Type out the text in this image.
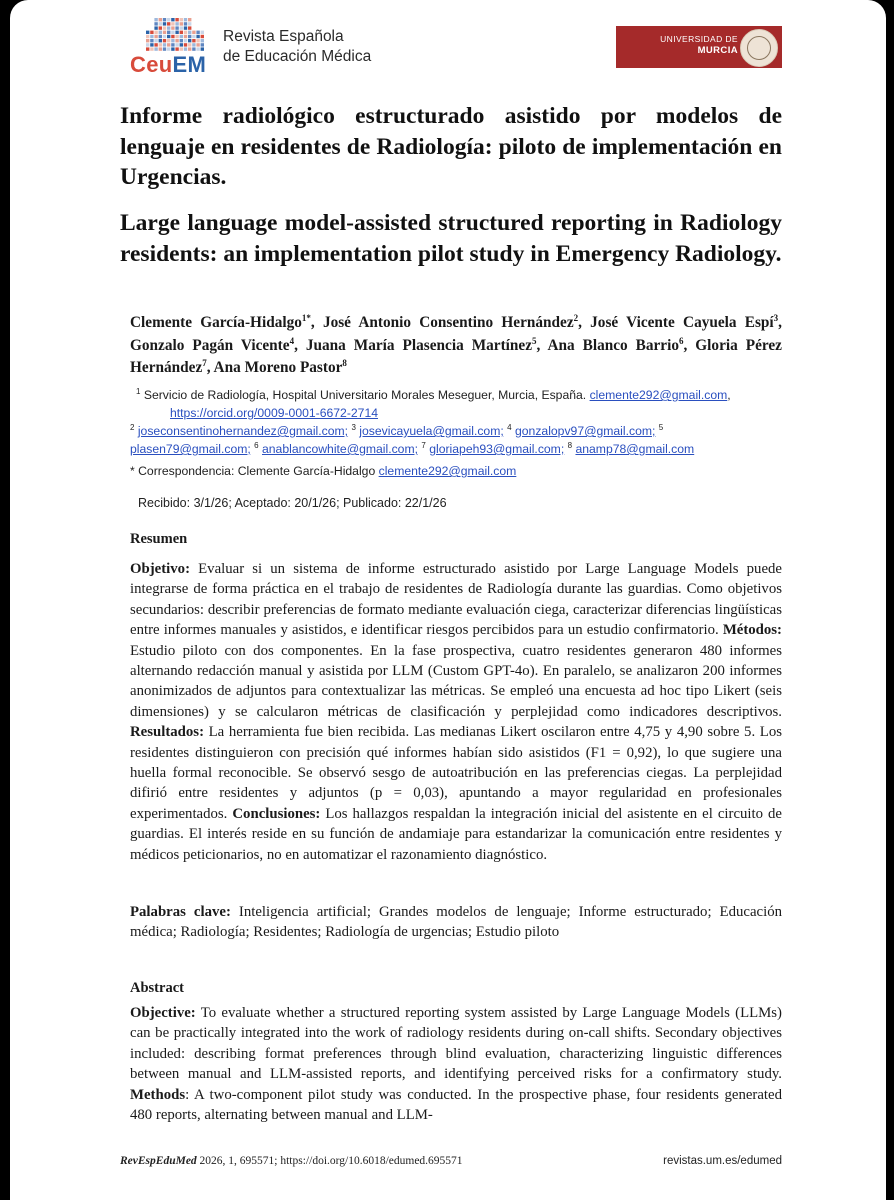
CeuEM
Revista Española
de Educación Médica
UNIVERSIDAD DE
MURCIA
Informe radiológico estructurado asistido por modelos de lenguaje en residentes de Radiología: piloto de implementación en Urgencias.
Large language model-assisted structured reporting in Radiology residents: an implementation pilot study in Emergency Radiology.
Clemente García-Hidalgo$^{1*}$, José Antonio Consentino Hernández$^2$, José Vicente Cayuela Espí$^3$, Gonzalo Pagán Vicente$^4$, Juana María Plasencia Martínez$^5$, Ana Blanco Barrio$^6$, Gloria Pérez Hernández$^7$, Ana Moreno Pastor$^8$
$^1$ Servicio de Radiología, Hospital Universitario Morales Meseguer, Murcia, España. clemente292@gmail.com,
https://orcid.org/0009-0001-6672-2714
$^2$ joseconsentinohernandez@gmail.com; $^3$ josevicayuela@gmail.com; $^4$ gonzalopv97@gmail.com; $^5$ plasen79@gmail.com; $^6$ anablancowhite@gmail.com; $^7$ gloriapeh93@gmail.com; $^8$ anamp78@gmail.com
* Correspondencia: Clemente García-Hidalgo clemente292@gmail.com
Recibido: 3/1/26; Aceptado: 20/1/26; Publicado: 22/1/26
Resumen
Objetivo: Evaluar si un sistema de informe estructurado asistido por Large Language Models puede integrarse de forma práctica en el trabajo de residentes de Radiología durante las guardias. Como objetivos secundarios: describir preferencias de formato mediante evaluación ciega, caracterizar diferencias lingüísticas entre informes manuales y asistidos, e identificar riesgos percibidos para un estudio confirmatorio. Métodos: Estudio piloto con dos componentes. En la fase prospectiva, cuatro residentes generaron 480 informes alternando redacción manual y asistida por LLM (Custom GPT-4o). En paralelo, se analizaron 200 informes anonimizados de adjuntos para contextualizar las métricas. Se empleó una encuesta ad hoc tipo Likert (seis dimensiones) y se calcularon métricas de clasificación y perplejidad como indicadores descriptivos. Resultados: La herramienta fue bien recibida. Las medianas Likert oscilaron entre 4,75 y 4,90 sobre 5. Los residentes distinguieron con precisión qué informes habían sido asistidos (F1 = 0,92), lo que sugiere una huella formal reconocible. Se observó sesgo de autoatribución en las preferencias ciegas. La perplejidad difirió entre residentes y adjuntos (p = 0,03), apuntando a mayor regularidad en profesionales experimentados. Conclusiones: Los hallazgos respaldan la integración inicial del asistente en el circuito de guardias. El interés reside en su función de andamiaje para estandarizar la comunicación entre residentes y médicos peticionarios, no en automatizar el razonamiento diagnóstico.
Palabras clave: Inteligencia artificial; Grandes modelos de lenguaje; Informe estructurado; Educación médica; Radiología; Residentes; Radiología de urgencias; Estudio piloto
Abstract
Objective: To evaluate whether a structured reporting system assisted by Large Language Models (LLMs) can be practically integrated into the work of radiology residents during on-call shifts. Secondary objectives included: describing format preferences through blind evaluation, characterizing linguistic differences between manual and LLM-assisted reports, and identifying perceived risks for a confirmatory study. Methods: A two-component pilot study was conducted. In the prospective phase, four residents generated 480 reports, alternating between manual and LLM-
RevEspEduMed 2026, 1, 695571; https://doi.org/10.6018/edumed.695571	revistas.um.es/edumed
